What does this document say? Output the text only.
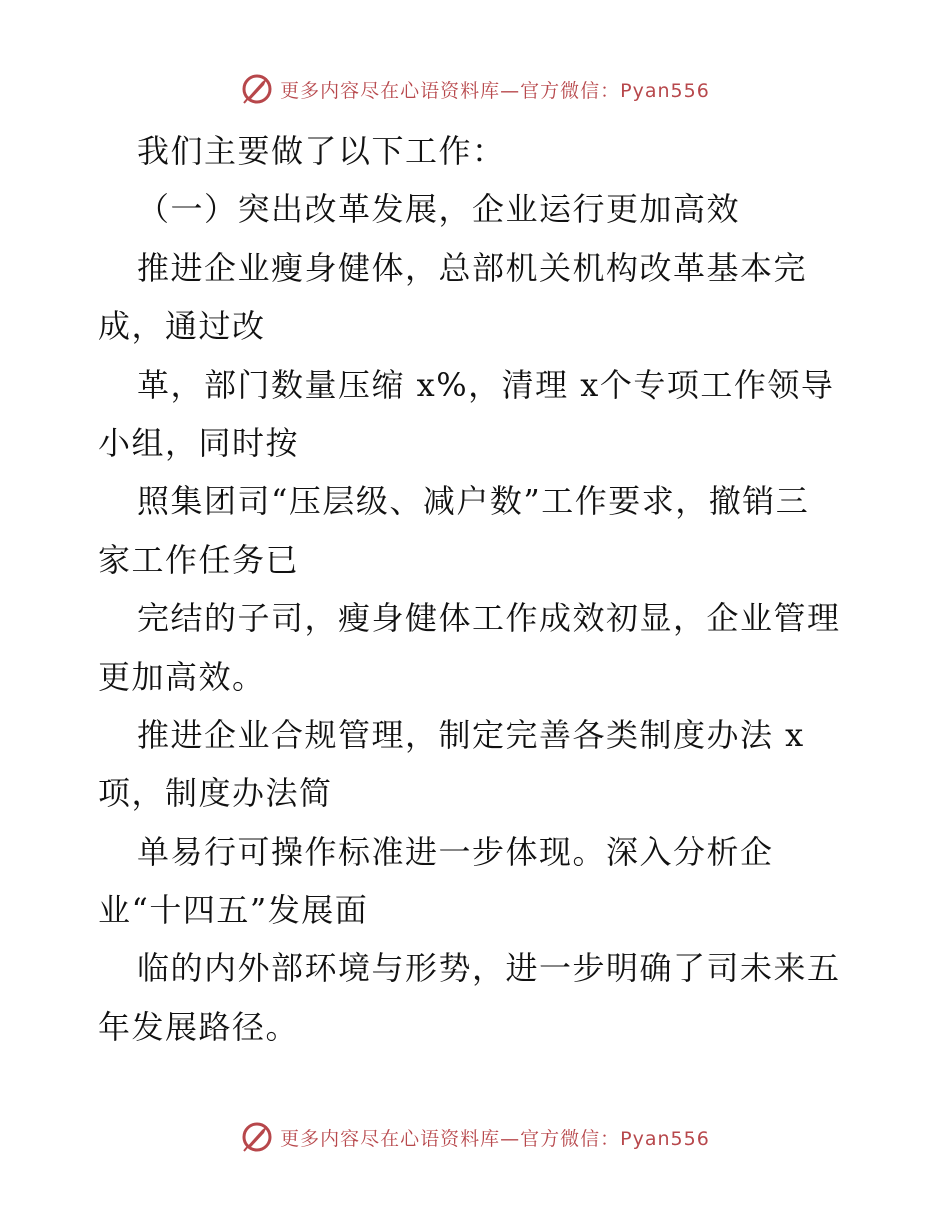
更多内容尽在心语资料库—官方微信：Pyan556
我们主要做了以下工作：
（一）突出改革发展，企业运行更加高效
推进企业瘦身健体，总部机关机构改革基本完
成，通过改
革，部门数量压缩 x%，清理 x个专项工作领导
小组，同时按
照集团司“压层级、减户数”工作要求，撤销三
家工作任务已
完结的子司，瘦身健体工作成效初显，企业管理
更加高效。
推进企业合规管理，制定完善各类制度办法 x
项，制度办法简
单易行可操作标准进一步体现。深入分析企
业“十四五”发展面
临的内外部环境与形势，进一步明确了司未来五
年发展路径。
更多内容尽在心语资料库—官方微信：Pyan556
